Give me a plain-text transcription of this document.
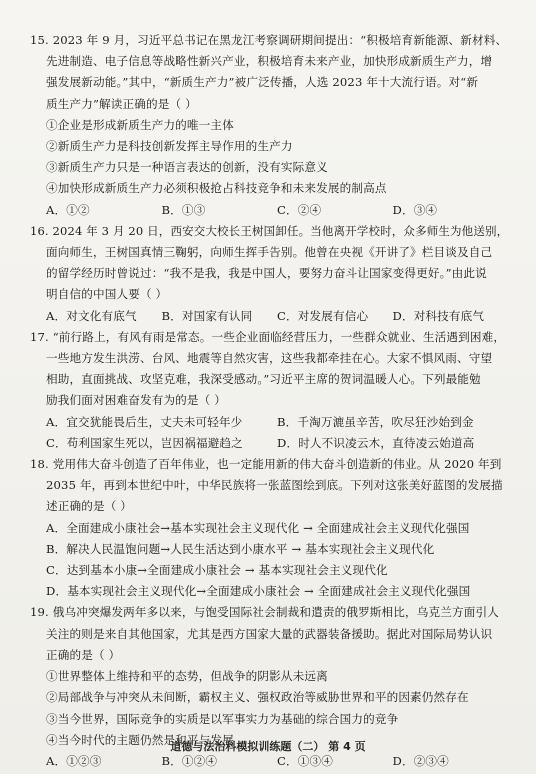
15. 2023 年 9 月，习近平总书记在黑龙江考察调研期间提出：“积极培育新能源、新材料、
先进制造、电子信息等战略性新兴产业，积极培育未来产业，加快形成新质生产力，增
强发展新动能。”其中，“新质生产力”被广泛传播，人选 2023 年十大流行语。对“新
质生产力”解读正确的是（ ）
①企业是形成新质生产力的唯一主体
②新质生产力是科技创新发挥主导作用的生产力
③新质生产力只是一种语言表达的创新，没有实际意义
④加快形成新质生产力必须积极抢占科技竞争和未来发展的制高点
A．①②	B．①③	C．②④	D．③④
16. 2024 年 3 月 20 日，西安交大校长王树国卸任。当他离开学校时，众多师生为他送别，
面向师生，王树国真情三鞠躬，向师生挥手告别。他曾在央视《开讲了》栏目谈及自己
的留学经历时曾说过：“我不是我，我是中国人，要努力奋斗让国家变得更好。”由此说
明自信的中国人要（ ）
A．对文化有底气	B．对国家有认同	C．对发展有信心	D．对科技有底气
17. “前行路上，有风有雨是常态。一些企业面临经营压力，一些群众就业、生活遇到困难，
一些地方发生洪涝、台风、地震等自然灾害，这些我都牵挂在心。大家不惧风雨、守望
相助，直面挑战、攻坚克难，我深受感动。”习近平主席的贺词温暖人心。下列最能勉
励我们面对困难奋发有为的是（ ）
A．宜交犹能畏后生，丈夫未可轻年少	B．千淘万漉虽辛苦，吹尽狂沙始到金
C．苟利国家生死以，岂因祸福避趋之	D．时人不识凌云木，直待凌云始道高
18. 党用伟大奋斗创造了百年伟业，也一定能用新的伟大奋斗创造新的伟业。从 2020 年到
2035 年，再到本世纪中叶，中华民族将一张蓝图绘到底。下列对这张美好蓝图的发展描
述正确的是（ ）
A．全面建成小康社会→基本实现社会主义现代化 → 全面建成社会主义现代化强国
B．解决人民温饱问题→人民生活达到小康水平 → 基本实现社会主义现代化
C．达到基本小康→全面建成小康社会 → 基本实现社会主义现代化
D．基本实现社会主义现代化→全面建成小康社会 → 全面建成社会主义现代化强国
19. 俄乌冲突爆发两年多以来，与饱受国际社会制裁和遣责的俄罗斯相比，乌克兰方面引人
关注的则是来自其他国家，尤其是西方国家大量的武器装备援助。据此对国际局势认识
正确的是（ ）
①世界整体上维持和平的态势，但战争的阴影从未远离
②局部战争与冲突从未间断，霸权主义、强权政治等威胁世界和平的因素仍然存在
③当今世界，国际竞争的实质是以军事实力为基础的综合国力的竞争
④当今时代的主题仍然是和平与发展
A．①②③	B．①②④	C．①③④	D．②③④
道德与法治科模拟训练题（二） 第 4 页
